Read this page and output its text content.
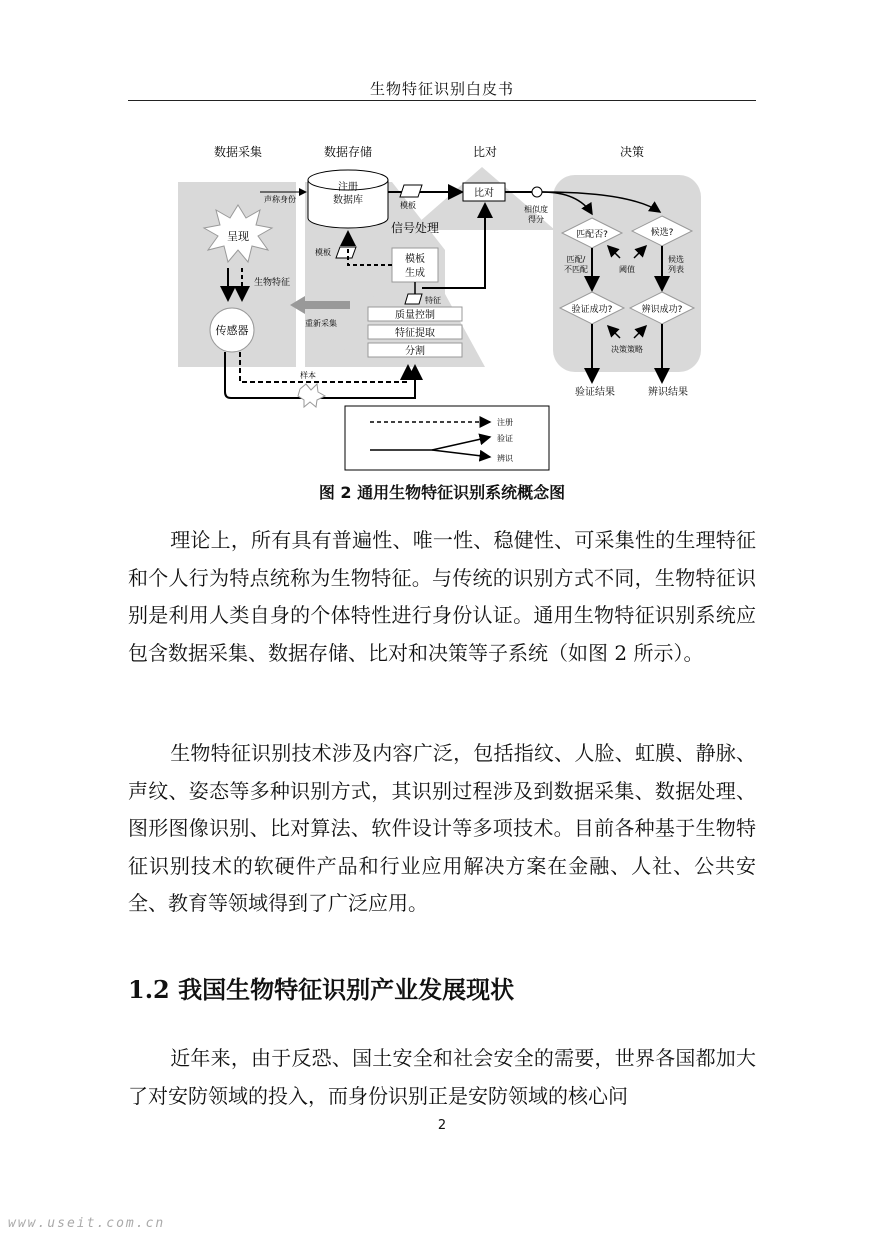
生物特征识别白皮书
数据采集	数据存储	比对	决策
注册
数据库
声称身份
模板
比对
相似度
得分
呈现
生物特征
传感器
样本
重新采集
信号处理
模板
生成
模板
质量控制
特征提取
分割
特征
匹配否?	候选?
匹配/
不匹配
候选
列表
阈值
验证成功?	辨识成功?
决策策略
验证结果	辨识结果
注册
验证
辨识
图 2 通用生物特征识别系统概念图

理论上，所有具有普遍性、唯一性、稳健性、可采集性的生理特征和个人行为特点统称为生物特征。与传统的识别方式不同，生物特征识别是利用人类自身的个体特性进行身份认证。通用生物特征识别系统应包含数据采集、数据存储、比对和决策等子系统（如图 2 所示）。

生物特征识别技术涉及内容广泛，包括指纹、人脸、虹膜、静脉、声纹、姿态等多种识别方式，其识别过程涉及到数据采集、数据处理、图形图像识别、比对算法、软件设计等多项技术。目前各种基于生物特征识别技术的软硬件产品和行业应用解决方案在金融、人社、公共安全、教育等领域得到了广泛应用。

1.2 我国生物特征识别产业发展现状

近年来，由于反恐、国土安全和社会安全的需要，世界各国都加大了对安防领域的投入，而身份识别正是安防领域的核心问

2
www.useit.com.cn
